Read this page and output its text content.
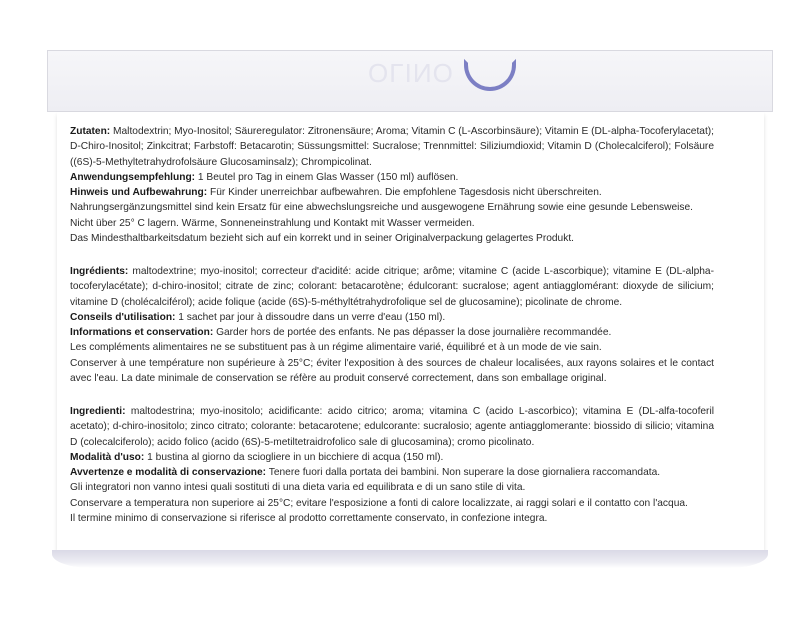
OLINO

Zutaten: Maltodextrin; Myo-Inositol; Säureregulator: Zitronensäure; Aroma; Vitamin C (L-Ascorbinsäure); Vitamin E (DL-alpha-Tocoferylacetat); D-Chiro-Inositol; Zinkcitrat; Farbstoff: Betacarotin; Süssungsmittel: Sucralose; Trennmittel: Siliziumdioxid; Vitamin D (Cholecalciferol); Folsäure ((6S)-5-Methyltetrahydrofolsäure Glucosaminsalz); Chrompicolinat.

Anwendungsempfehlung: 1 Beutel pro Tag in einem Glas Wasser (150 ml) auflösen.

Hinweis und Aufbewahrung: Für Kinder unerreichbar aufbewahren. Die empfohlene Tagesdosis nicht überschreiten.

Nahrungsergänzungsmittel sind kein Ersatz für eine abwechslungsreiche und ausgewogene Ernährung sowie eine gesunde Lebensweise.

Nicht über 25° C lagern. Wärme, Sonneneinstrahlung und Kontakt mit Wasser vermeiden.

Das Mindesthaltbarkeitsdatum bezieht sich auf ein korrekt und in seiner Originalverpackung gelagertes Produkt.

Ingrédients: maltodextrine; myo-inositol; correcteur d'acidité: acide citrique; arôme; vitamine C (acide L-ascorbique); vitamine E (DL-alpha-tocoferylacétate); d-chiro-inositol; citrate de zinc; colorant: betacarotène; édulcorant: sucralose; agent antiagglomérant: dioxyde de silicium; vitamine D (cholécalciférol); acide folique (acide (6S)-5-méthyltétrahydrofolique sel de glucosamine); picolinate de chrome.

Conseils d'utilisation: 1 sachet par jour à dissoudre dans un verre d'eau (150 ml).

Informations et conservation: Garder hors de portée des enfants. Ne pas dépasser la dose journalière recommandée.

Les compléments alimentaires ne se substituent pas à un régime alimentaire varié, équilibré et à un mode de vie sain.

Conserver à une température non supérieure à 25°C; éviter l'exposition à des sources de chaleur localisées, aux rayons solaires et le contact avec l'eau. La date minimale de conservation se réfère au produit conservé correctement, dans son emballage original.

Ingredienti: maltodestrina; myo-inositolo; acidificante: acido citrico; aroma; vitamina C (acido L-ascorbico); vitamina E (DL-alfa-tocoferil acetato); d-chiro-inositolo; zinco citrato; colorante: betacarotene; edulcorante: sucralosio; agente antiagglomerante: biossido di silicio; vitamina D (colecalciferolo); acido folico (acido (6S)-5-metiltetraidrofolico sale di glucosamina); cromo picolinato.

Modalità d'uso: 1 bustina al giorno da sciogliere in un bicchiere di acqua (150 ml).

Avvertenze e modalità di conservazione: Tenere fuori dalla portata dei bambini. Non superare la dose giornaliera raccomandata.

Gli integratori non vanno intesi quali sostituti di una dieta varia ed equilibrata e di un sano stile di vita.

Conservare a temperatura non superiore ai 25°C; evitare l'esposizione a fonti di calore localizzate, ai raggi solari e il contatto con l'acqua.

Il termine minimo di conservazione si riferisce al prodotto correttamente conservato, in confezione integra.
